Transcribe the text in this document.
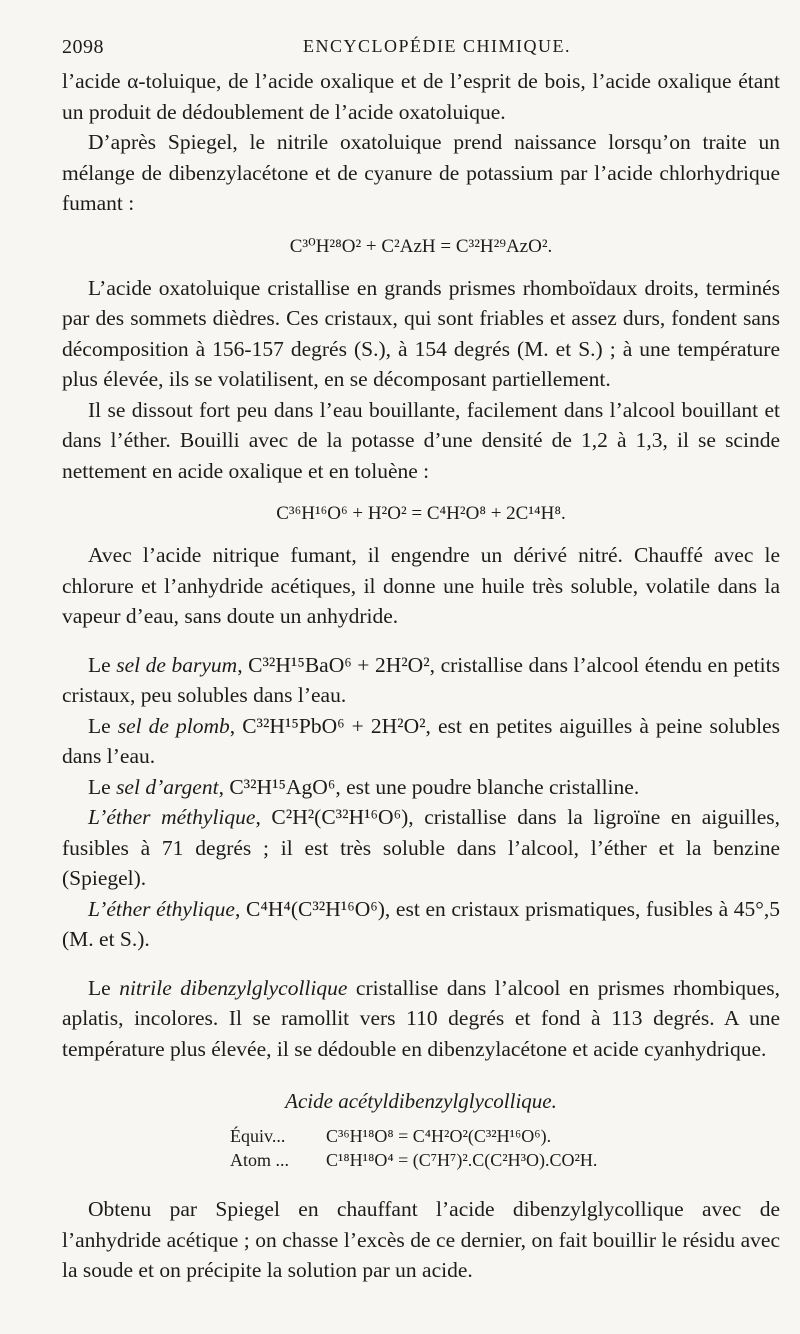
2098	ENCYCLOPÉDIE CHIMIQUE.

l’acide α-toluique, de l’acide oxalique et de l’esprit de bois, l’acide oxalique étant un produit de dédoublement de l’acide oxatoluique.

D’après Spiegel, le nitrile oxatoluique prend naissance lorsqu’on traite un mélange de dibenzylacétone et de cyanure de potassium par l’acide chlorhydrique fumant :

C³⁰H²⁸O² + C²AzH = C³²H²⁹AzO².

L’acide oxatoluique cristallise en grands prismes rhomboïdaux droits, terminés par des sommets dièdres. Ces cristaux, qui sont friables et assez durs, fondent sans décomposition à 156-157 degrés (S.), à 154 degrés (M. et S.) ; à une température plus élevée, ils se volatilisent, en se décomposant partiellement.

Il se dissout fort peu dans l’eau bouillante, facilement dans l’alcool bouillant et dans l’éther. Bouilli avec de la potasse d’une densité de 1,2 à 1,3, il se scinde nettement en acide oxalique et en toluène :

C³⁶H¹⁶O⁶ + H²O² = C⁴H²O⁸ + 2C¹⁴H⁸.

Avec l’acide nitrique fumant, il engendre un dérivé nitré. Chauffé avec le chlorure et l’anhydride acétiques, il donne une huile très soluble, volatile dans la vapeur d’eau, sans doute un anhydride.

Le sel de baryum, C³²H¹⁵BaO⁶ + 2H²O², cristallise dans l’alcool étendu en petits cristaux, peu solubles dans l’eau.

Le sel de plomb, C³²H¹⁵PbO⁶ + 2H²O², est en petites aiguilles à peine solubles dans l’eau.

Le sel d’argent, C³²H¹⁵AgO⁶, est une poudre blanche cristalline.

L’éther méthylique, C²H²(C³²H¹⁶O⁶), cristallise dans la ligroïne en aiguilles, fusibles à 71 degrés ; il est très soluble dans l’alcool, l’éther et la benzine (Spiegel).

L’éther éthylique, C⁴H⁴(C³²H¹⁶O⁶), est en cristaux prismatiques, fusibles à 45°,5 (M. et S.).

Le nitrile dibenzylglycollique cristallise dans l’alcool en prismes rhombiques, aplatis, incolores. Il se ramollit vers 110 degrés et fond à 113 degrés. A une température plus élevée, il se dédouble en dibenzylacétone et acide cyanhydrique.

Acide acétyldibenzylglycollique.
Équiv... C³⁶H¹⁸O⁸ = C⁴H²O²(C³²H¹⁶O⁶).
Atom ... C¹⁸H¹⁸O⁴ = (C⁷H⁷)².C(C²H³O).CO²H.

Obtenu par Spiegel en chauffant l’acide dibenzylglycollique avec de l’anhydride acétique ; on chasse l’excès de ce dernier, on fait bouillir le résidu avec la soude et on précipite la solution par un acide.
